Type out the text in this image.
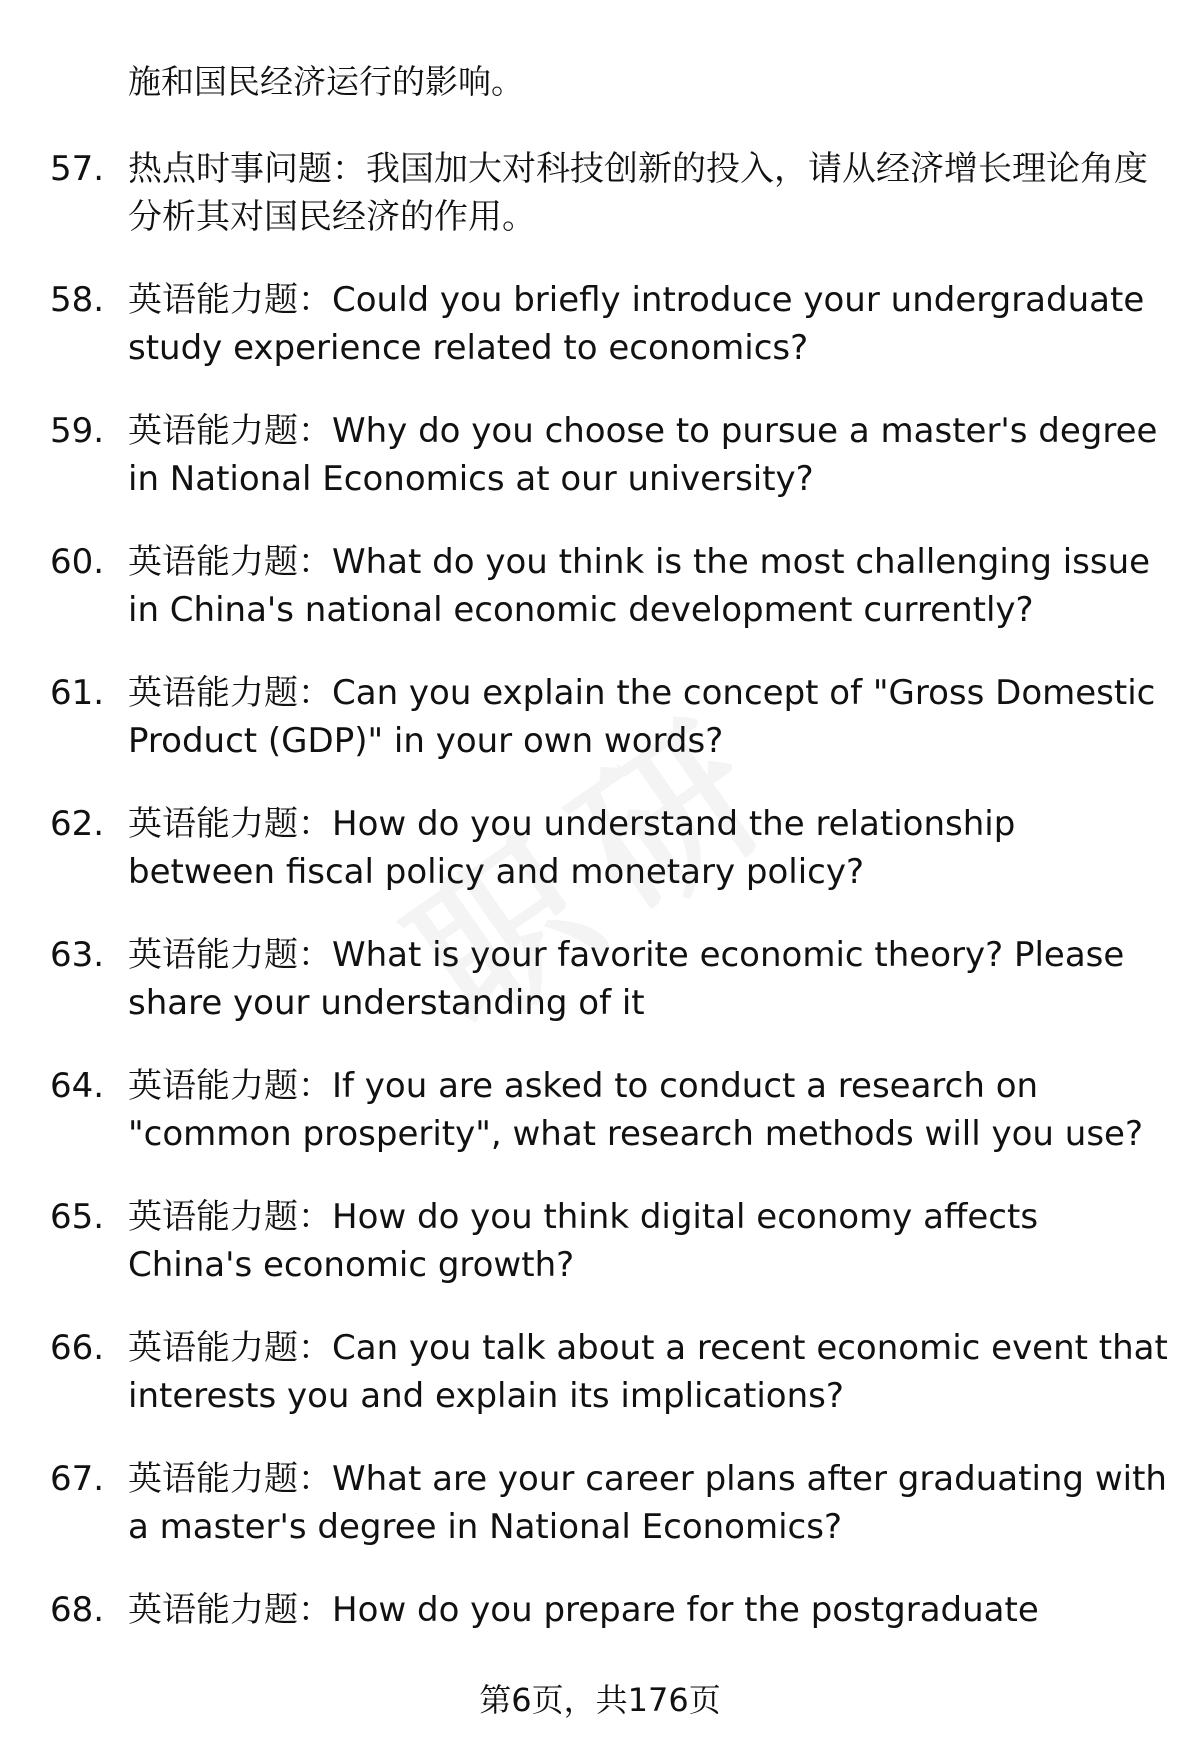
施和国民经济运行的影响。
57. 热点时事问题：我国加大对科技创新的投入，请从经济增长理论角度分析其对国民经济的作用。
58. 英语能力题：Could you briefly introduce your undergraduate study experience related to economics?
59. 英语能力题：Why do you choose to pursue a master's degree in National Economics at our university?
60. 英语能力题：What do you think is the most challenging issue in China's national economic development currently?
61. 英语能力题：Can you explain the concept of "Gross Domestic Product (GDP)" in your own words?
62. 英语能力题：How do you understand the relationship between fiscal policy and monetary policy?
63. 英语能力题：What is your favorite economic theory? Please share your understanding of it
64. 英语能力题：If you are asked to conduct a research on "common prosperity", what research methods will you use?
65. 英语能力题：How do you think digital economy affects China's economic growth?
66. 英语能力题：Can you talk about a recent economic event that interests you and explain its implications?
67. 英语能力题：What are your career plans after graduating with a master's degree in National Economics?
68. 英语能力题：How do you prepare for the postgraduate
第6页，共176页
